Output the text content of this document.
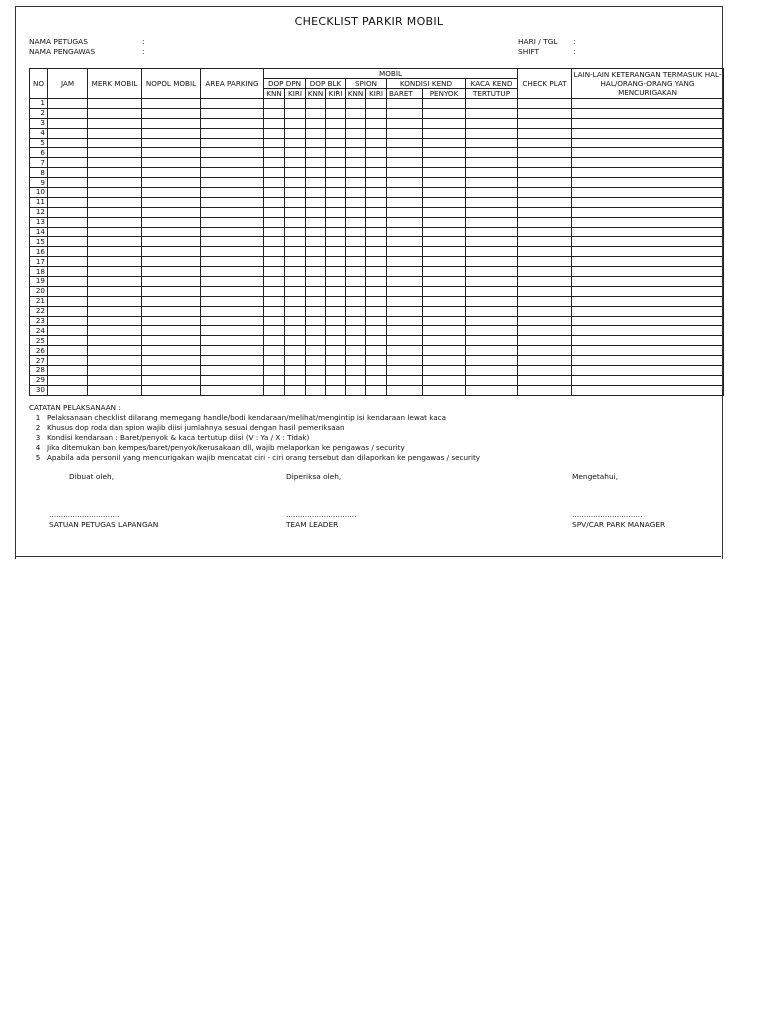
CHECKLIST PARKIR MOBIL
NAMA PETUGAS	:
NAMA PENGAWAS	:
HARI / TGL :
SHIFT	:
NO	JAM	MERK MOBIL	NOPOL MOBIL	AREA PARKING	MOBIL									CHECK PLAT	LAIN-LAIN KETERANGAN TERMASUK HAL-HAL/ORANG-ORANG YANG MENCURIGAKAN
					DOP DPN		DOP BLK		SPION		KONDISI KEND		KACA KEND		
					KNN	KIRI	KNN	KIRI	KNN	KIRI	BARET	PENYOK	TERTUTUP		
1															
2															
3															
4															
5															
6															
7															
8															
9															
10															
11															
12															
13															
14															
15															
16															
17															
18															
19															
20															
21															
22															
23															
24															
25															
26															
27															
28															
29															
30															
CATATAN PELAKSANAAN :
1 Pelaksanaan checklist dilarang memegang handle/bodi kendaraan/melihat/mengintip isi kendaraan lewat kaca
2 Khusus dop roda dan spion wajib diisi jumlahnya sesuai dengan hasil pemeriksaan
3 Kondisi kendaraan : Baret/penyok & kaca tertutup diisi (V : Ya / X : Tidak)
4 Jika ditemukan ban kempes/baret/penyok/kerusakaan dll, wajib melaporkan ke pengawas / security
5 Apabila ada personil yang mencurigakan wajib mencatat ciri - ciri orang tersebut dan dilaporkan ke pengawas / security
Dibuat oleh,	Diperiksa oleh,	Mengetahui,
..............................	..............................	..............................
SATUAN PETUGAS LAPANGAN	TEAM LEADER	SPV/CAR PARK MANAGER
